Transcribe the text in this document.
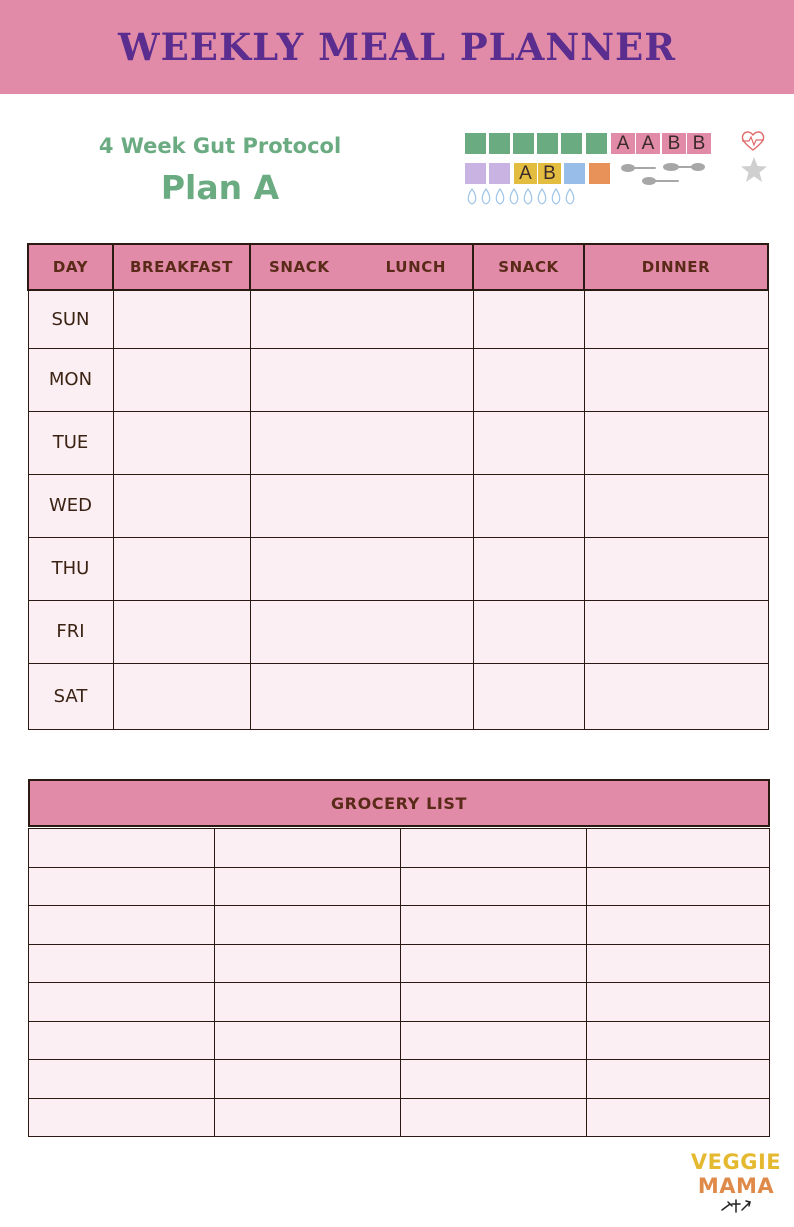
WEEKLY MEAL PLANNER
4 Week Gut Protocol
Plan A
A A B B
A B
DAY	BREAKFAST	SNACK LUNCH	SNACK	DINNER
SUN				
MON				
TUE				
WED				
THU				
FRI				
SAT				
GROCERY LIST

VEGGIE
MAMA
